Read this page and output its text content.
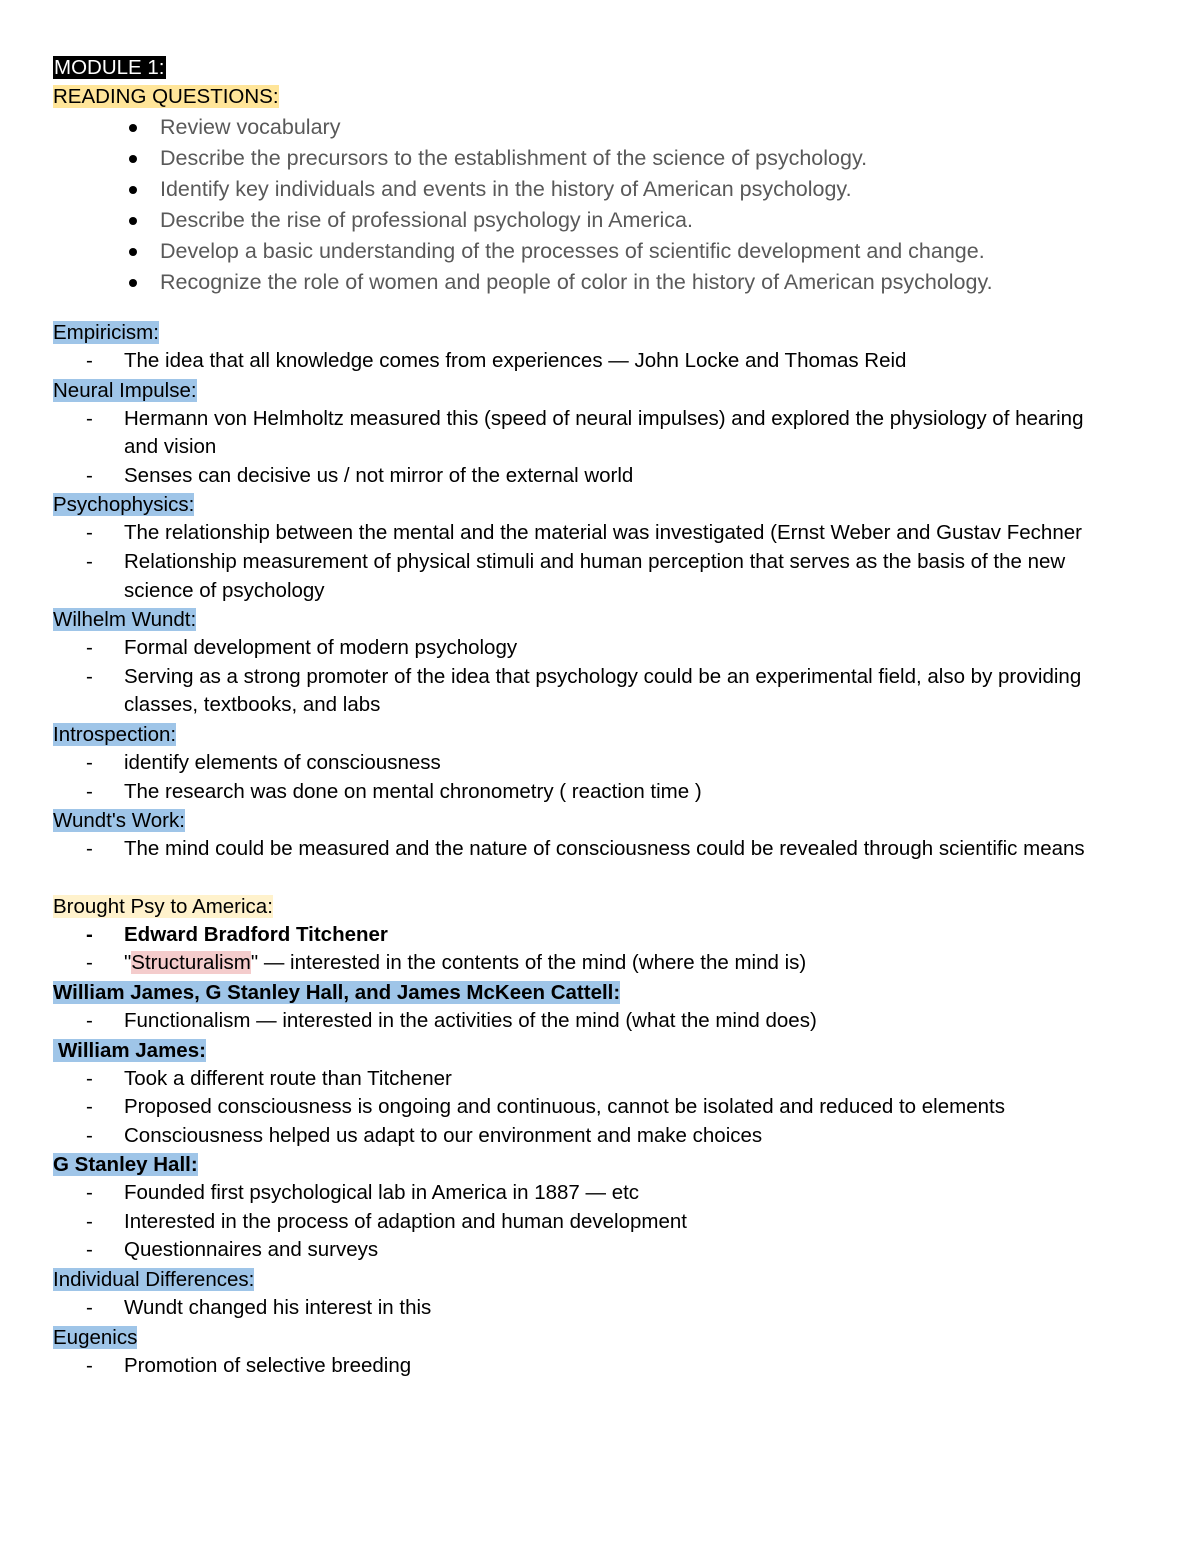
MODULE 1:
READING QUESTIONS:
Review vocabulary
Describe the precursors to the establishment of the science of psychology.
Identify key individuals and events in the history of American psychology.
Describe the rise of professional psychology in America.
Develop a basic understanding of the processes of scientific development and change.
Recognize the role of women and people of color in the history of American psychology.
Empiricism:
- The idea that all knowledge comes from experiences — John Locke and Thomas Reid
Neural Impulse:
- Hermann von Helmholtz measured this (speed of neural impulses) and explored the physiology of hearing
and vision
- Senses can decisive us / not mirror of the external world
Psychophysics:
- The relationship between the mental and the material was investigated (Ernst Weber and Gustav Fechner
- Relationship measurement of physical stimuli and human perception that serves as the basis of the new
science of psychology
Wilhelm Wundt:
- Formal development of modern psychology
- Serving as a strong promoter of the idea that psychology could be an experimental field, also by providing
classes, textbooks, and labs
Introspection:
- identify elements of consciousness
- The research was done on mental chronometry ( reaction time )
Wundt's Work:
- The mind could be measured and the nature of consciousness could be revealed through scientific means
Brought Psy to America:
- Edward Bradford Titchener
- "Structuralism" — interested in the contents of the mind (where the mind is)
William James, G Stanley Hall, and James McKeen Cattell:
- Functionalism — interested in the activities of the mind (what the mind does)
William James:
- Took a different route than Titchener
- Proposed consciousness is ongoing and continuous, cannot be isolated and reduced to elements
- Consciousness helped us adapt to our environment and make choices
G Stanley Hall:
- Founded first psychological lab in America in 1887 — etc
- Interested in the process of adaption and human development
- Questionnaires and surveys
Individual Differences:
- Wundt changed his interest in this
Eugenics
- Promotion of selective breeding
